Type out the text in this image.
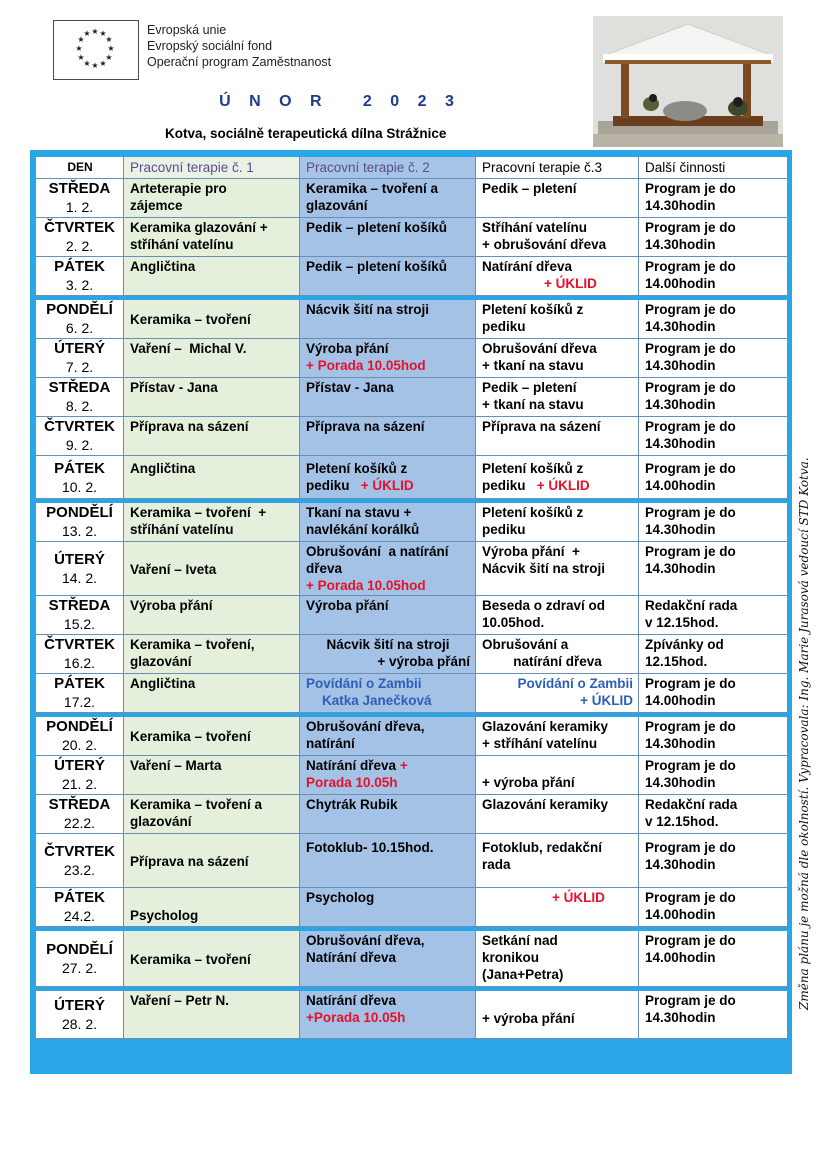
★ ★
★
★
★
★
★
★
★
★
★
★	Evropská unie
Evropský sociální fond
Operační program Zaměstnanost
Ú N O R   2 0 2 3
Kotva, sociálně terapeutická dílna Strážnice
Změna plánu je možná dle okolností. Vypracovala: Ing. Marie Jurasová vedoucí STD Kotva.
DEN	Pracovní terapie č. 1	Pracovní terapie č. 2	Pracovní terapie č.3	Další činnosti

STŘEDA
1. 2.	Arteterapie pro
zájemce	Keramika – tvoření a
glazování	Pedik – pletení	Program je do
14.30hodin

ČTVRTEK
2. 2.	Keramika glazování +
stříhání vatelínu	Pedik – pletení košíků	Stříhání vatelínu
+ obrušování dřeva	Program je do
14.30hodin

PÁTEK
3. 2.	Angličtina	Pedik – pletení košíků	Natírání dřeva
+ ÚKLID	Program je do
14.00hodin

PONDĚLÍ
6. 2.	Keramika – tvoření	Nácvik šití na stroji	Pletení košíků z
pediku	Program je do
14.30hodin

ÚTERÝ
7. 2.	Vaření –  Michal V.	Výroba přání
+ Porada 10.05hod	Obrušování dřeva
+ tkaní na stavu	Program je do
14.30hodin

STŘEDA
8. 2.	Přístav - Jana	Přístav - Jana	Pedik – pletení
+ tkaní na stavu	Program je do
14.30hodin

ČTVRTEK
9. 2.	Příprava na sázení	Příprava na sázení	Příprava na sázení	Program je do
14.30hodin

PÁTEK
10. 2.	Angličtina	Pletení košíků z
pediku + ÚKLID	Pletení košíků z
pediku + ÚKLID	Program je do
14.00hodin

PONDĚLÍ
13. 2.	Keramika – tvoření  +
stříhání vatelínu	Tkaní na stavu +
navlékání korálků	Pletení košíků z
pediku	Program je do
14.30hodin

ÚTERÝ
14. 2.	Vaření – Iveta	Obrušování  a natírání
dřeva
+ Porada 10.05hod	Výroba přání  +
Nácvik šití na stroji	Program je do
14.30hodin

STŘEDA
15.2.	Výroba přání	Výroba přání	Beseda o zdraví od
10.05hod.	Redakční rada
v 12.15hod.

ČTVRTEK
16.2.	Keramika – tvoření,
glazování	Nácvik šití na stroji
+ výroba přání	Obrušování a
natírání dřeva	Zpívánky od
12.15hod.

PÁTEK
17.2.	Angličtina	Povídání o Zambii
Katka Janečková	Povídání o Zambii
+ ÚKLID	Program je do
14.00hodin

PONDĚLÍ
20. 2.	Keramika – tvoření	Obrušování dřeva,
natírání	Glazování keramiky
+ stříhání vatelínu	Program je do
14.30hodin

ÚTERÝ
21. 2.	Vaření – Marta	Natírání dřeva +
Porada 10.05h	+ výroba přání	Program je do
14.30hodin

STŘEDA
22.2.	Keramika – tvoření a
glazování	Chytrák Rubik	Glazování keramiky	Redakční rada
v 12.15hod.

ČTVRTEK
23.2.	Příprava na sázení	Fotoklub- 10.15hod.	Fotoklub, redakční
rada	Program je do
14.30hodin

PÁTEK
24.2.	Psycholog	Psycholog	+ ÚKLID	Program je do
14.00hodin

PONDĚLÍ
27. 2.	Keramika – tvoření	Obrušování dřeva,
Natírání dřeva	Setkání nad
kronikou
(Jana+Petra)	Program je do
14.00hodin

ÚTERÝ
28. 2.	Vaření – Petr N.	Natírání dřeva
+Porada 10.05h	+ výroba přání	Program je do
14.30hodin
